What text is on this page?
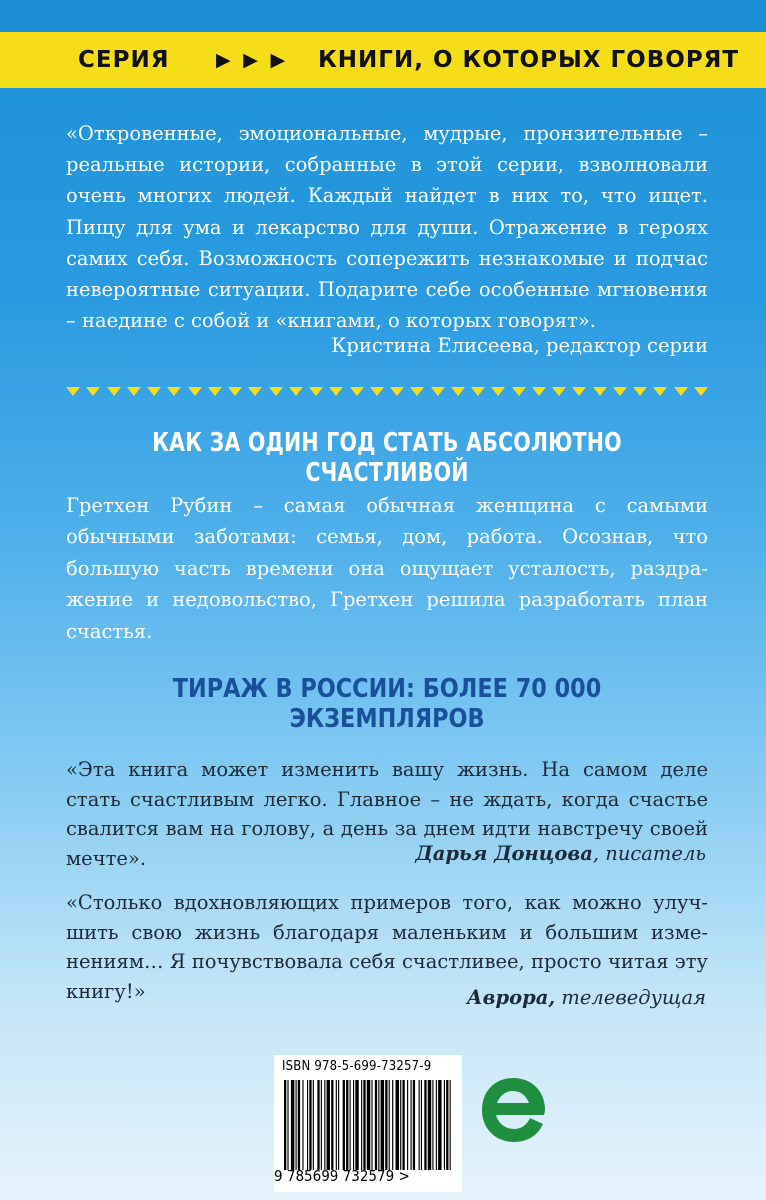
СЕРИЯ ▶ ▶ ▶ КНИГИ, О КОТОРЫХ ГОВОРЯТ

«Откровенные, эмоциональные, мудрые, пронзительные – реальные истории, собранные в этой серии, взволновали очень многих людей. Каждый найдет в них то, что ищет. Пищу для ума и лекарство для души. Отражение в героях самих себя. Возможность сопережить незнакомые и подчас невероятные ситуации. Подарите себе особенные мгновения – наедине с собой и «книгами, о которых говорят».

Кристина Елисеева, редактор серии

КАК ЗА ОДИН ГОД СТАТЬ АБСОЛЮТНО СЧАСТЛИВОЙ

Гретхен Рубин – самая обычная женщина с самыми обычными заботами: семья, дом, работа. Осознав, что большую часть времени она ощущает усталость, раздра-жение и недовольство, Гретхен решила разработать план счастья.

ТИРАЖ В РОССИИ: БОЛЕЕ 70 000 ЭКЗЕМПЛЯРОВ

«Эта книга может изменить вашу жизнь. На самом деле стать счастливым легко. Главное – не ждать, когда счастье свалится вам на голову, а день за днем идти навстречу своей мечте».	Дарья Донцова, писатель

«Столько вдохновляющих примеров того, как можно улуч-шить свою жизнь благодаря маленьким и большим изме-нениям… Я почувствовала себя счастливее, просто читая эту книгу!»	Аврора, телеведущая

ISBN 978-5-699-73257-9
9 785699 732579 >
